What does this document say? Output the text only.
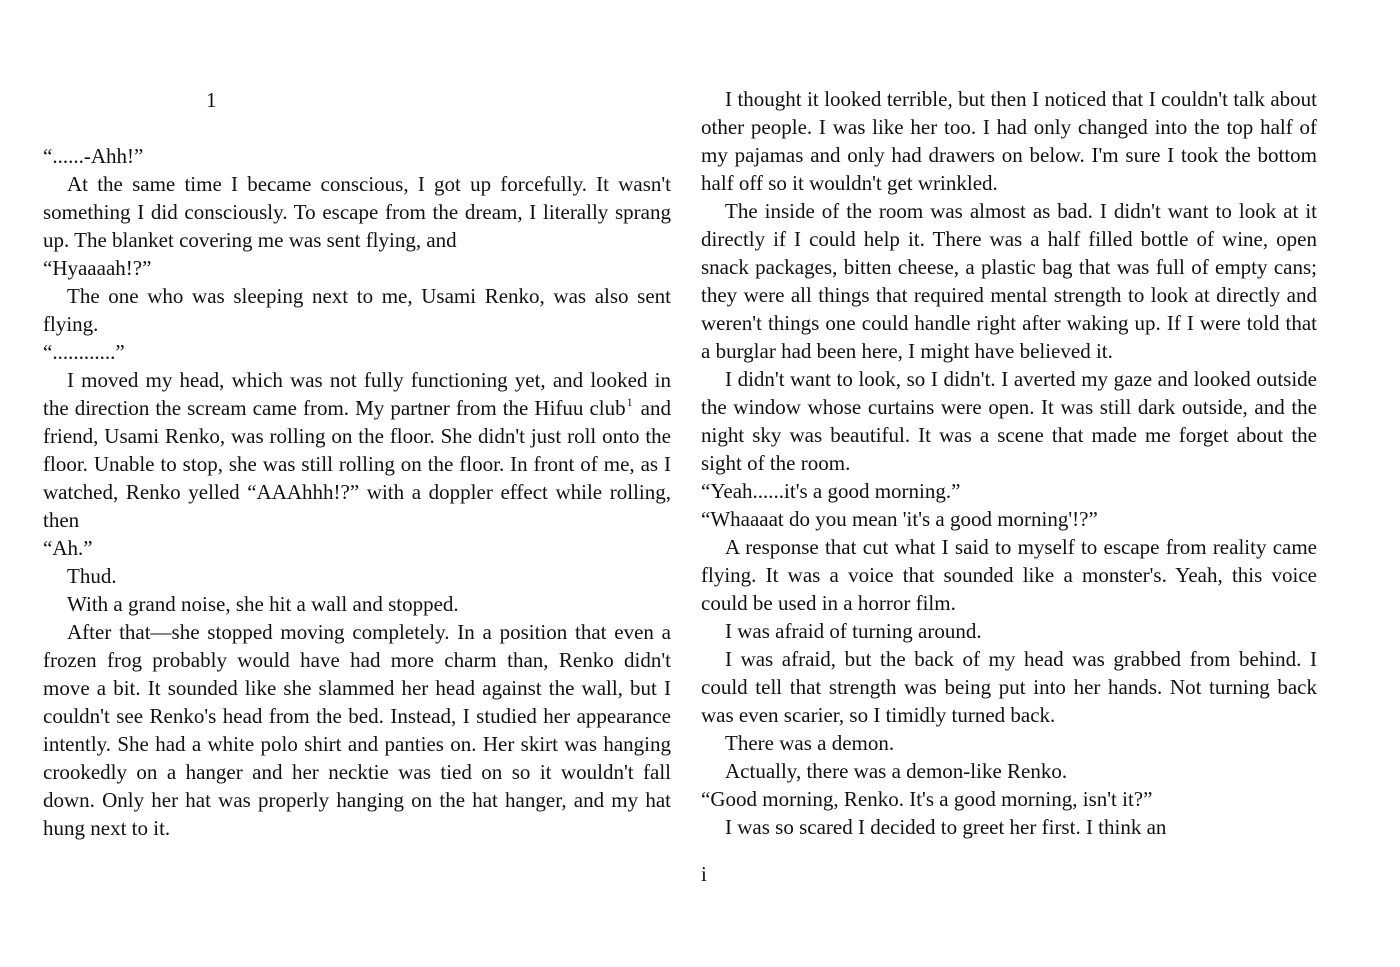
1

“......-Ahh!”

At the same time I became conscious, I got up forcefully. It wasn't something I did consciously. To escape from the dream, I literally sprang up. The blanket covering me was sent flying, and

“Hyaaaah!?”

The one who was sleeping next to me, Usami Renko, was also sent flying.

“............”

I moved my head, which was not fully functioning yet, and looked in the direction the scream came from. My partner from the Hifuu club$^1$ and friend, Usami Renko, was rolling on the floor. She didn't just roll onto the floor. Unable to stop, she was still rolling on the floor. In front of me, as I watched, Renko yelled “AAAhhh!?” with a doppler effect while rolling, then

“Ah.”

Thud.

With a grand noise, she hit a wall and stopped.

After that—she stopped moving completely. In a position that even a frozen frog probably would have had more charm than, Renko didn't move a bit. It sounded like she slammed her head against the wall, but I couldn't see Renko's head from the bed. Instead, I studied her appearance intently. She had a white polo shirt and panties on. Her skirt was hanging crookedly on a hanger and her necktie was tied on so it wouldn't fall down. Only her hat was properly hanging on the hat hanger, and my hat hung next to it.

I thought it looked terrible, but then I noticed that I couldn't talk about other people. I was like her too. I had only changed into the top half of my pajamas and only had drawers on below. I'm sure I took the bottom half off so it wouldn't get wrinkled.

The inside of the room was almost as bad. I didn't want to look at it directly if I could help it. There was a half filled bottle of wine, open snack packages, bitten cheese, a plastic bag that was full of empty cans; they were all things that required mental strength to look at directly and weren't things one could handle right after waking up. If I were told that a burglar had been here, I might have believed it.

I didn't want to look, so I didn't. I averted my gaze and looked outside the window whose curtains were open. It was still dark outside, and the night sky was beautiful. It was a scene that made me forget about the sight of the room.

“Yeah......it's a good morning.”

“Whaaaat do you mean 'it's a good morning'!?”

A response that cut what I said to myself to escape from reality came flying. It was a voice that sounded like a monster's. Yeah, this voice could be used in a horror film.

I was afraid of turning around.

I was afraid, but the back of my head was grabbed from behind. I could tell that strength was being put into her hands. Not turning back was even scarier, so I timidly turned back.

There was a demon.

Actually, there was a demon-like Renko.

“Good morning, Renko. It's a good morning, isn't it?”

I was so scared I decided to greet her first. I think an

i
